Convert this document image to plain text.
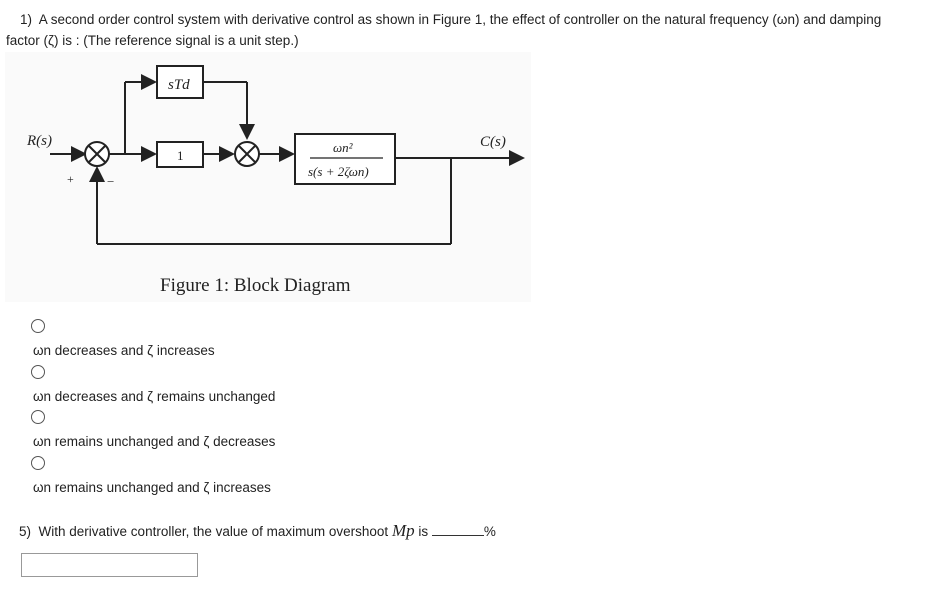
1) A second order control system with derivative control as shown in Figure 1, the effect of controller on the natural frequency (ωn) and damping
factor (ζ) is : (The reference signal is a unit step.)
R(s)	C(s)
sTd
1
ωn²
s(s + 2ζωn)
+	−
Figure 1: Block Diagram
ωn decreases and ζ increases
ωn decreases and ζ remains unchanged
ωn remains unchanged and ζ decreases
ωn remains unchanged and ζ increases
5) With derivative controller, the value of maximum overshoot Mp is	%
